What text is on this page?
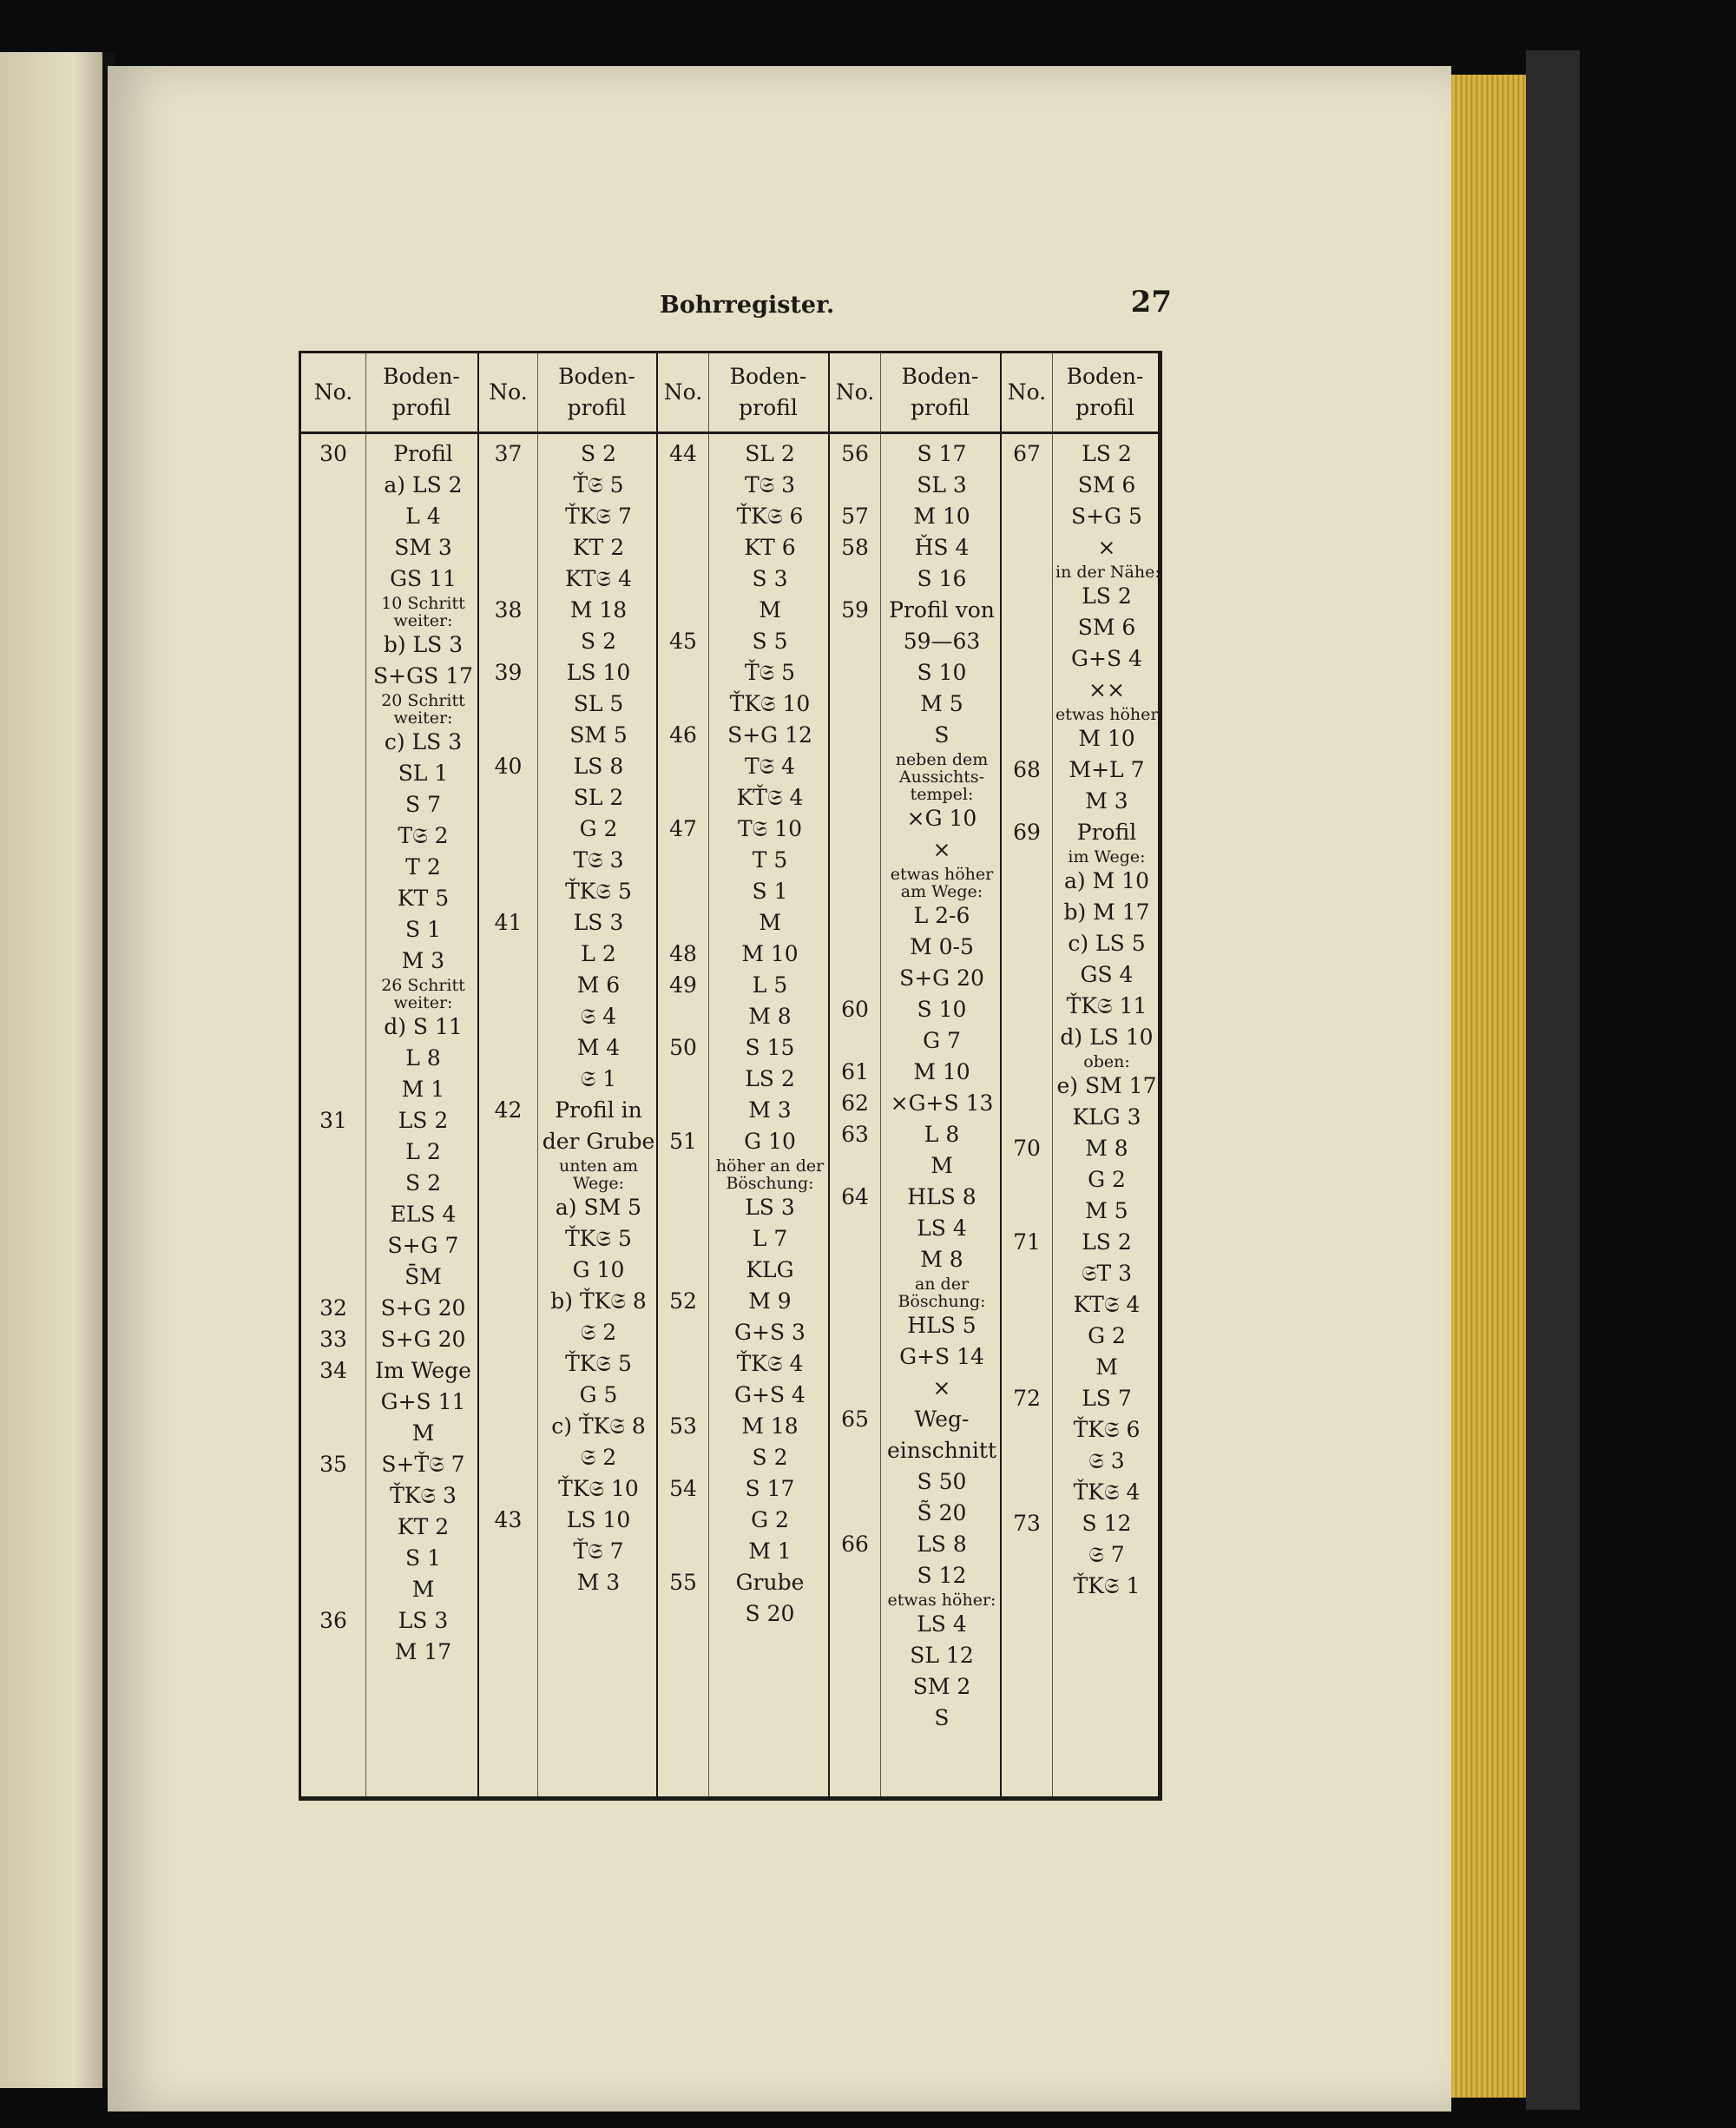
Bohrregister.	27
No.
30
31
32
33
34
35
36
Boden-
profil
Profil
a) LS 2
L 4
SM 3
GS 11
10 Schritt
weiter:
b) LS 3
S+GS 17
20 Schritt
weiter:
c) LS 3
SL 1
S 7
T𝔖 2
T 2
KT 5
S 1
M 3
26 Schritt
weiter:
d) S 11
L 8
M 1
LS 2
L 2
S 2
ELS 4
S+G 7
S̄M
S+G 20
S+G 20
Im Wege
G+S 11
M
S+Ť𝔖 7
ŤK𝔖 3
KT 2
S 1
M
LS 3
M 17
No.
37
38
39
40
41
42
43
Boden-
profil
S 2
Ť𝔖 5
ŤK𝔖 7
KT 2
KT𝔖 4
M 18
S 2
LS 10
SL 5
SM 5
LS 8
SL 2
G 2
T𝔖 3
ŤK𝔖 5
LS 3
L 2
M 6
𝔖 4
M 4
𝔖 1
Profil in
der Grube
unten am
Wege:
a) SM 5
ŤK𝔖 5
G 10
b) ŤK𝔖 8
𝔖 2
ŤK𝔖 5
G 5
c) ŤK𝔖 8
𝔖 2
ŤK𝔖 10
LS 10
Ť𝔖 7
M 3
No.
44
45
46
47
48
49
50
51
52
53
54
55
Boden-
profil
SL 2
T𝔖 3
ŤK𝔖 6
KT 6
S 3
M
S 5
Ť𝔖 5
ŤK𝔖 10
S+G 12
T𝔖 4
KŤ𝔖 4
T𝔖 10
T 5
S 1
M
M 10
L 5
M 8
S 15
LS 2
M 3
G 10
höher an der
Böschung:
LS 3
L 7
KLG
M 9
G+S 3
ŤK𝔖 4
G+S 4
M 18
S 2
S 17
G 2
M 1
Grube
S 20
No.
56
57
58
59
60
61
62
63
64
65
66
Boden-
profil
S 17
SL 3
M 10
ȞS 4
S 16
Profil von
59—63
S 10
M 5
S
neben dem
Aussichts-
tempel:
×G 10
×
etwas höher
am Wege:
L 2-6
M 0-5
S+G 20
S 10
G 7
M 10
×G+S 13
L 8
M
HLS 8
LS 4
M 8
an der
Böschung:
HLS 5
G+S 14
×
Weg-
einschnitt
S 50
S̃ 20
LS 8
S 12
etwas höher:
LS 4
SL 12
SM 2
S
No.
67
68
69
70
71
72
73
Boden-
profil
LS 2
SM 6
S+G 5
×
in der Nähe:
LS 2
SM 6
G+S 4
××
etwas höher:
M 10
M+L 7
M 3
Profil
im Wege:
a) M 10
b) M 17
c) LS 5
GS 4
ŤK𝔖 11
d) LS 10
oben:
e) SM 17
KLG 3
M 8
G 2
M 5
LS 2
𝔖T 3
KT𝔖 4
G 2
M
LS 7
ŤK𝔖 6
𝔖 3
ŤK𝔖 4
S 12
𝔖 7
ŤK𝔖 1
